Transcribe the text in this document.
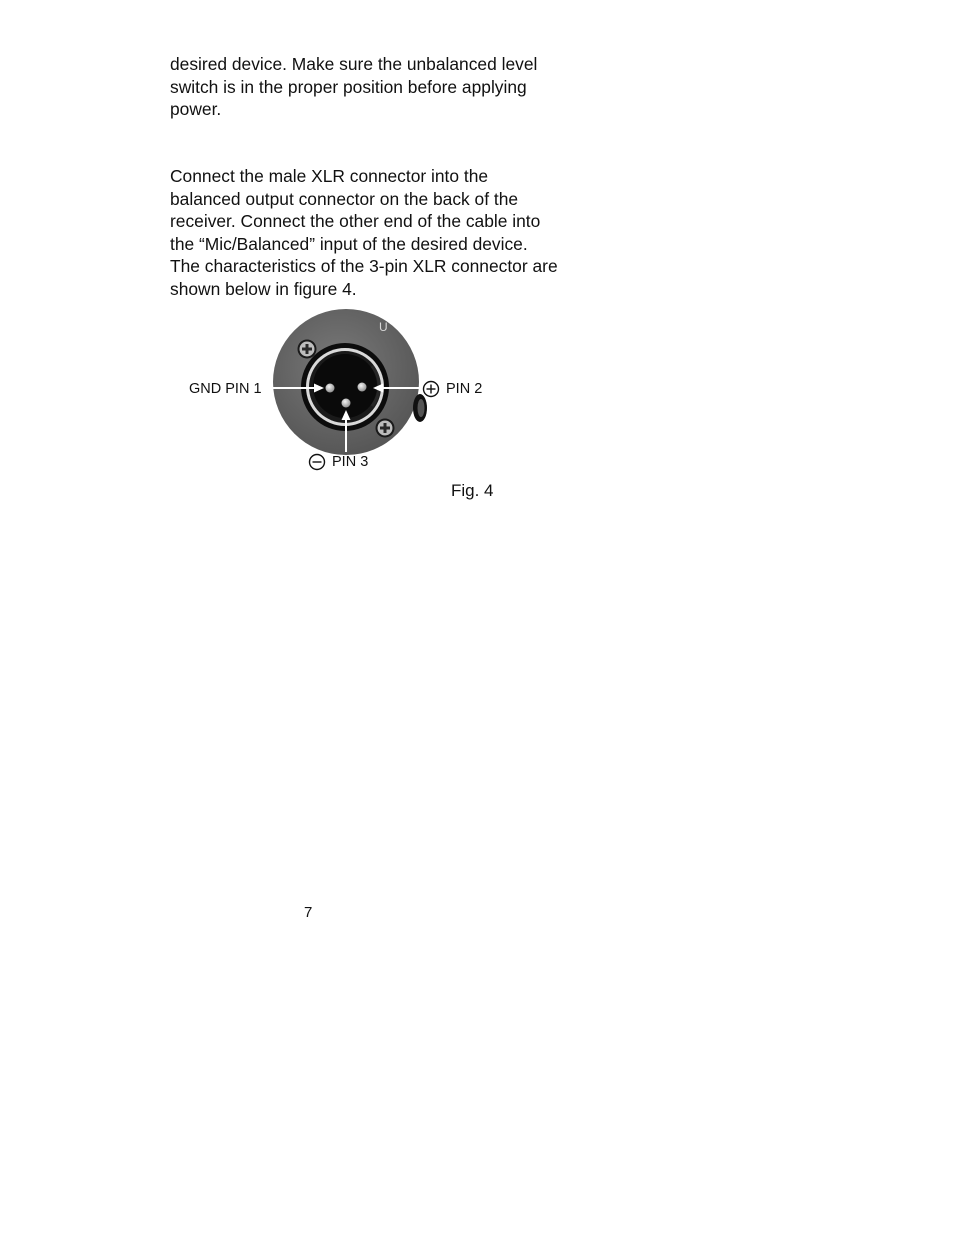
desired device. Make sure the unbalanced level switch is in the proper position before applying power.

Connect the male XLR connector into the balanced output connector on the back of the receiver. Connect the other end of the cable into the “Mic/Balanced” input of the desired device. The characteristics of the 3-pin XLR connector are shown below in figure 4.

U
GND PIN 1	PIN 2
PIN 3
Fig. 4
7
